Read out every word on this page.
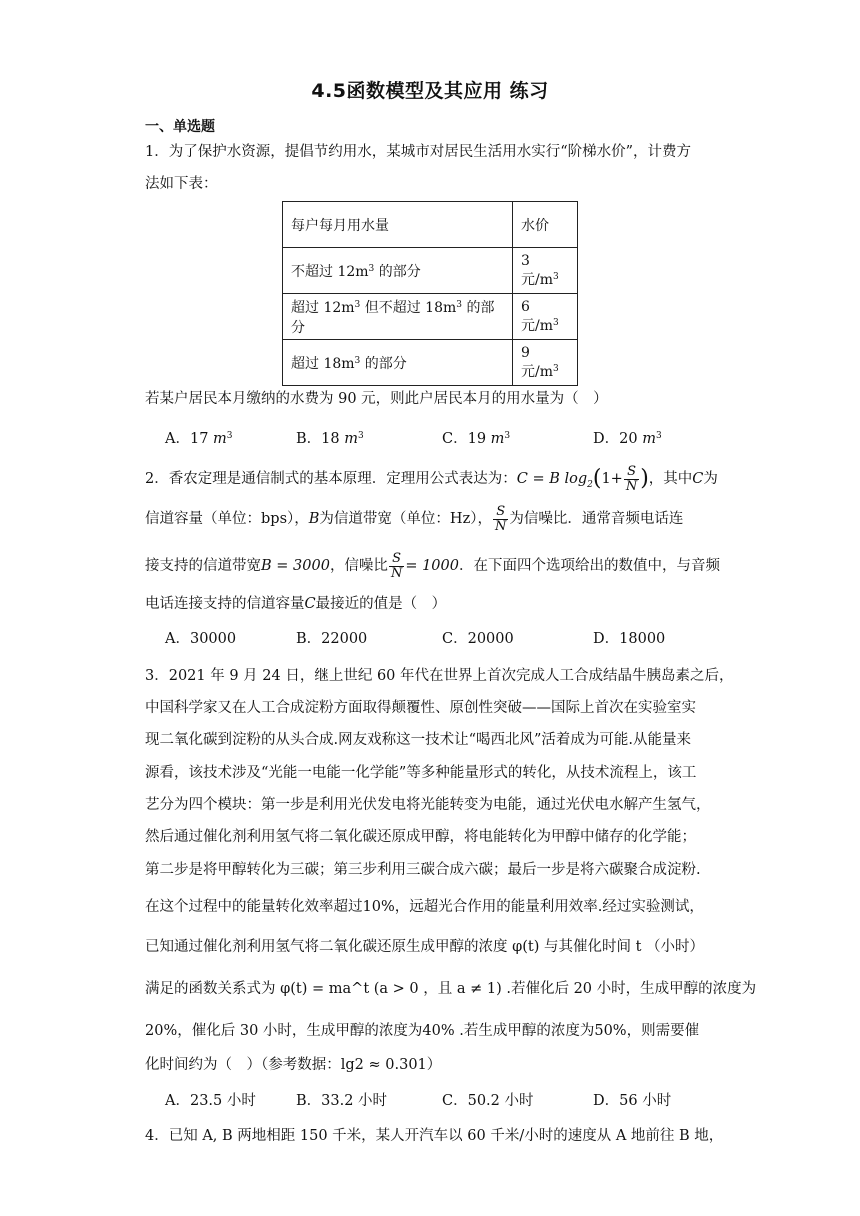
4.5函数模型及其应用 练习
一、单选题
1．为了保护水资源，提倡节约用水，某城市对居民生活用水实行“阶梯水价”，计费方
法如下表：
每户每月用水量	水价
不超过 $12m^3$ 的部分	3 元$/m^3$
超过 $12m^3$ 但不超过 $18m^3$ 的部分	6 元$/m^3$
超过 $18m^3$ 的部分	9 元$/m^3$
若某户居民本月缴纳的水费为 90 元，则此户居民本月的用水量为（　）
A．17 $m^3$	B．18 $m^3$	C．19 $m^3$	D．20 $m^3$
2．香农定理是通信制式的基本原理．定理用公式表达为：C = B $\log_2(1+ \frac{S}{N}$ )，其中C为
信道容量（单位：bps），B为信道带宽（单位：Hz）， $\frac{S}{N}$ 为信噪比．通常音频电话连
接支持的信道带宽B = 3000，信噪比 $\frac{S}{N} = 1000$．在下面四个选项给出的数值中，与音频
电话连接支持的信道容量C最接近的值是（　）
A．30000	B．22000	C．20000	D．18000
3．2021 年 9 月 24 日，继上世纪 60 年代在世界上首次完成人工合成结晶牛胰岛素之后，
中国科学家又在人工合成淀粉方面取得颠覆性、原创性突破——国际上首次在实验室实
现二氧化碳到淀粉的从头合成.网友戏称这一技术让“喝西北风”活着成为可能.从能量来
源看，该技术涉及“光能一电能一化学能”等多种能量形式的转化，从技术流程上，该工
艺分为四个模块：第一步是利用光伏发电将光能转变为电能，通过光伏电水解产生氢气，
然后通过催化剂利用氢气将二氧化碳还原成甲醇，将电能转化为甲醇中储存的化学能；
第二步是将甲醇转化为三碳；第三步利用三碳合成六碳；最后一步是将六碳聚合成淀粉.
在这个过程中的能量转化效率超过10%，远超光合作用的能量利用效率.经过实验测试，
已知通过催化剂利用氢气将二氧化碳还原生成甲醇的浓度 φ(t) 与其催化时间 t （小时）
满足的函数关系式为 φ(t) = ma^t (a > 0 ，且 a ≠ 1) .若催化后 20 小时，生成甲醇的浓度为
20%，催化后 30 小时，生成甲醇的浓度为40% .若生成甲醇的浓度为50%，则需要催
化时间约为（　）（参考数据：lg2 ≈ 0.301）
A．23.5 小时	B．33.2 小时	C．50.2 小时	D．56 小时
4．已知 A, B 两地相距 150 千米，某人开汽车以 60 千米/小时的速度从 A 地前往 B 地，
